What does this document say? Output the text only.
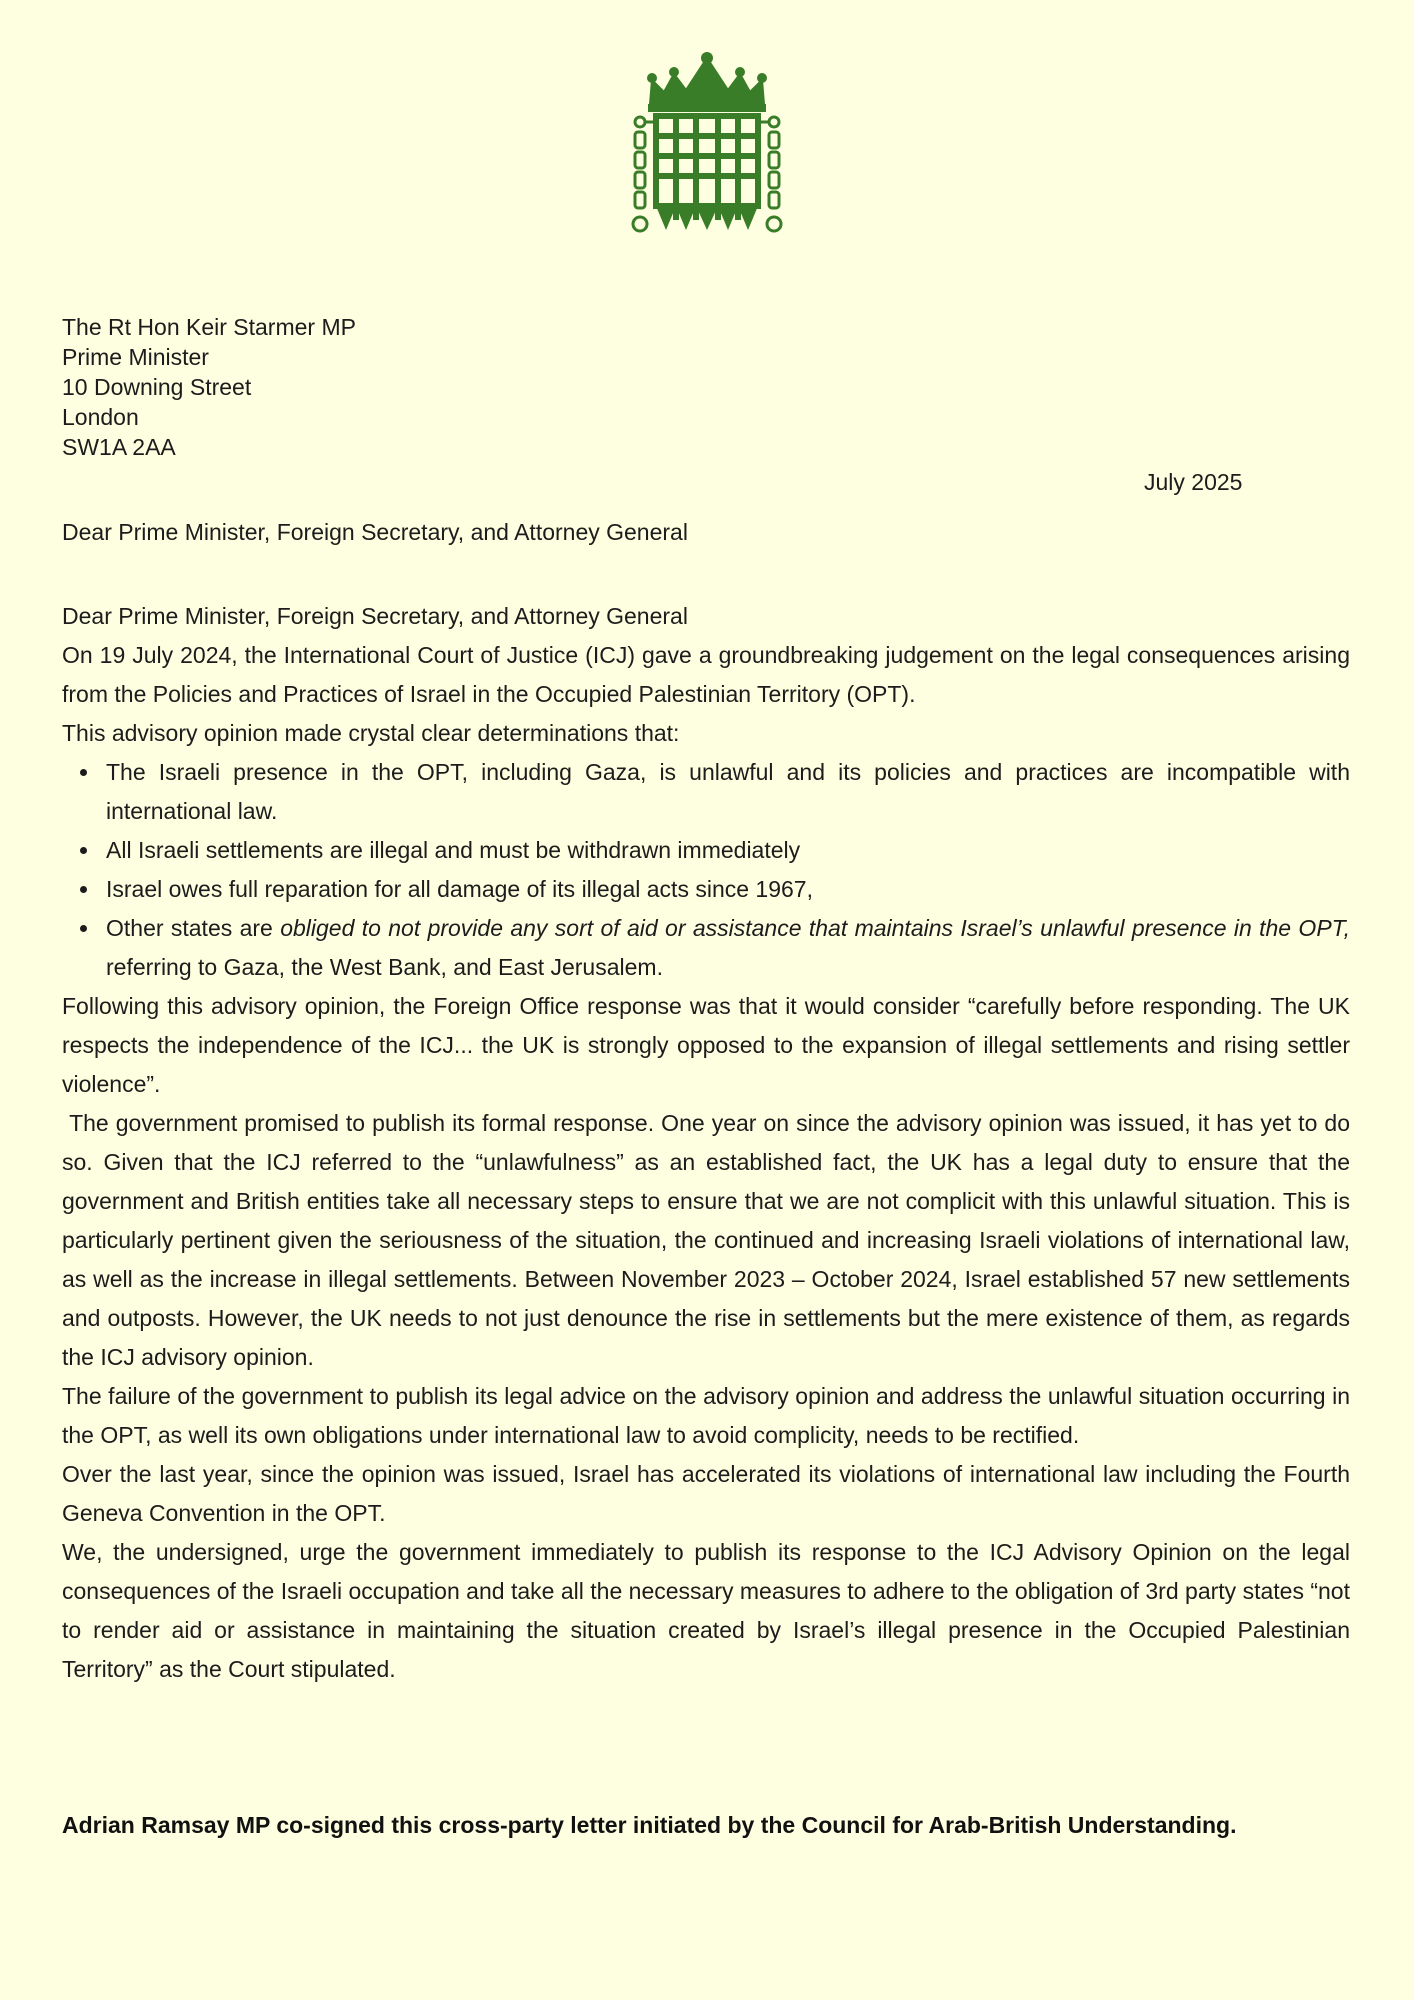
The Rt Hon Keir Starmer MP
Prime Minister
10 Downing Street
London
SW1A 2AA
July 2025
Dear Prime Minister, Foreign Secretary, and Attorney General

Dear Prime Minister, Foreign Secretary, and Attorney General

On 19 July 2024, the International Court of Justice (ICJ) gave a groundbreaking judgement on the legal consequences arising from the Policies and Practices of Israel in the Occupied Palestinian Territory (OPT).

This advisory opinion made crystal clear determinations that:

The Israeli presence in the OPT, including Gaza, is unlawful and its policies and practices are incompatible with international law.
All Israeli settlements are illegal and must be withdrawn immediately
Israel owes full reparation for all damage of its illegal acts since 1967,
Other states are obliged to not provide any sort of aid or assistance that maintains Israel’s unlawful presence in the OPT, referring to Gaza, the West Bank, and East Jerusalem.

Following this advisory opinion, the Foreign Office response was that it would consider “carefully before responding. The UK respects the independence of the ICJ... the UK is strongly opposed to the expansion of illegal settlements and rising settler violence”.

The government promised to publish its formal response. One year on since the advisory opinion was issued, it has yet to do so. Given that the ICJ referred to the “unlawfulness” as an established fact, the UK has a legal duty to ensure that the government and British entities take all necessary steps to ensure that we are not complicit with this unlawful situation. This is particularly pertinent given the seriousness of the situation, the continued and increasing Israeli violations of international law, as well as the increase in illegal settlements. Between November 2023 – October 2024, Israel established 57 new settlements and outposts. However, the UK needs to not just denounce the rise in settlements but the mere existence of them, as regards the ICJ advisory opinion.

The failure of the government to publish its legal advice on the advisory opinion and address the unlawful situation occurring in the OPT, as well its own obligations under international law to avoid complicity, needs to be rectified.

Over the last year, since the opinion was issued, Israel has accelerated its violations of international law including the Fourth Geneva Convention in the OPT.

We, the undersigned, urge the government immediately to publish its response to the ICJ Advisory Opinion on the legal consequences of the Israeli occupation and take all the necessary measures to adhere to the obligation of 3rd party states “not to render aid or assistance in maintaining the situation created by Israel’s illegal presence in the Occupied Palestinian Territory” as the Court stipulated.

Adrian Ramsay MP co-signed this cross-party letter initiated by the Council for Arab-British Understanding.
